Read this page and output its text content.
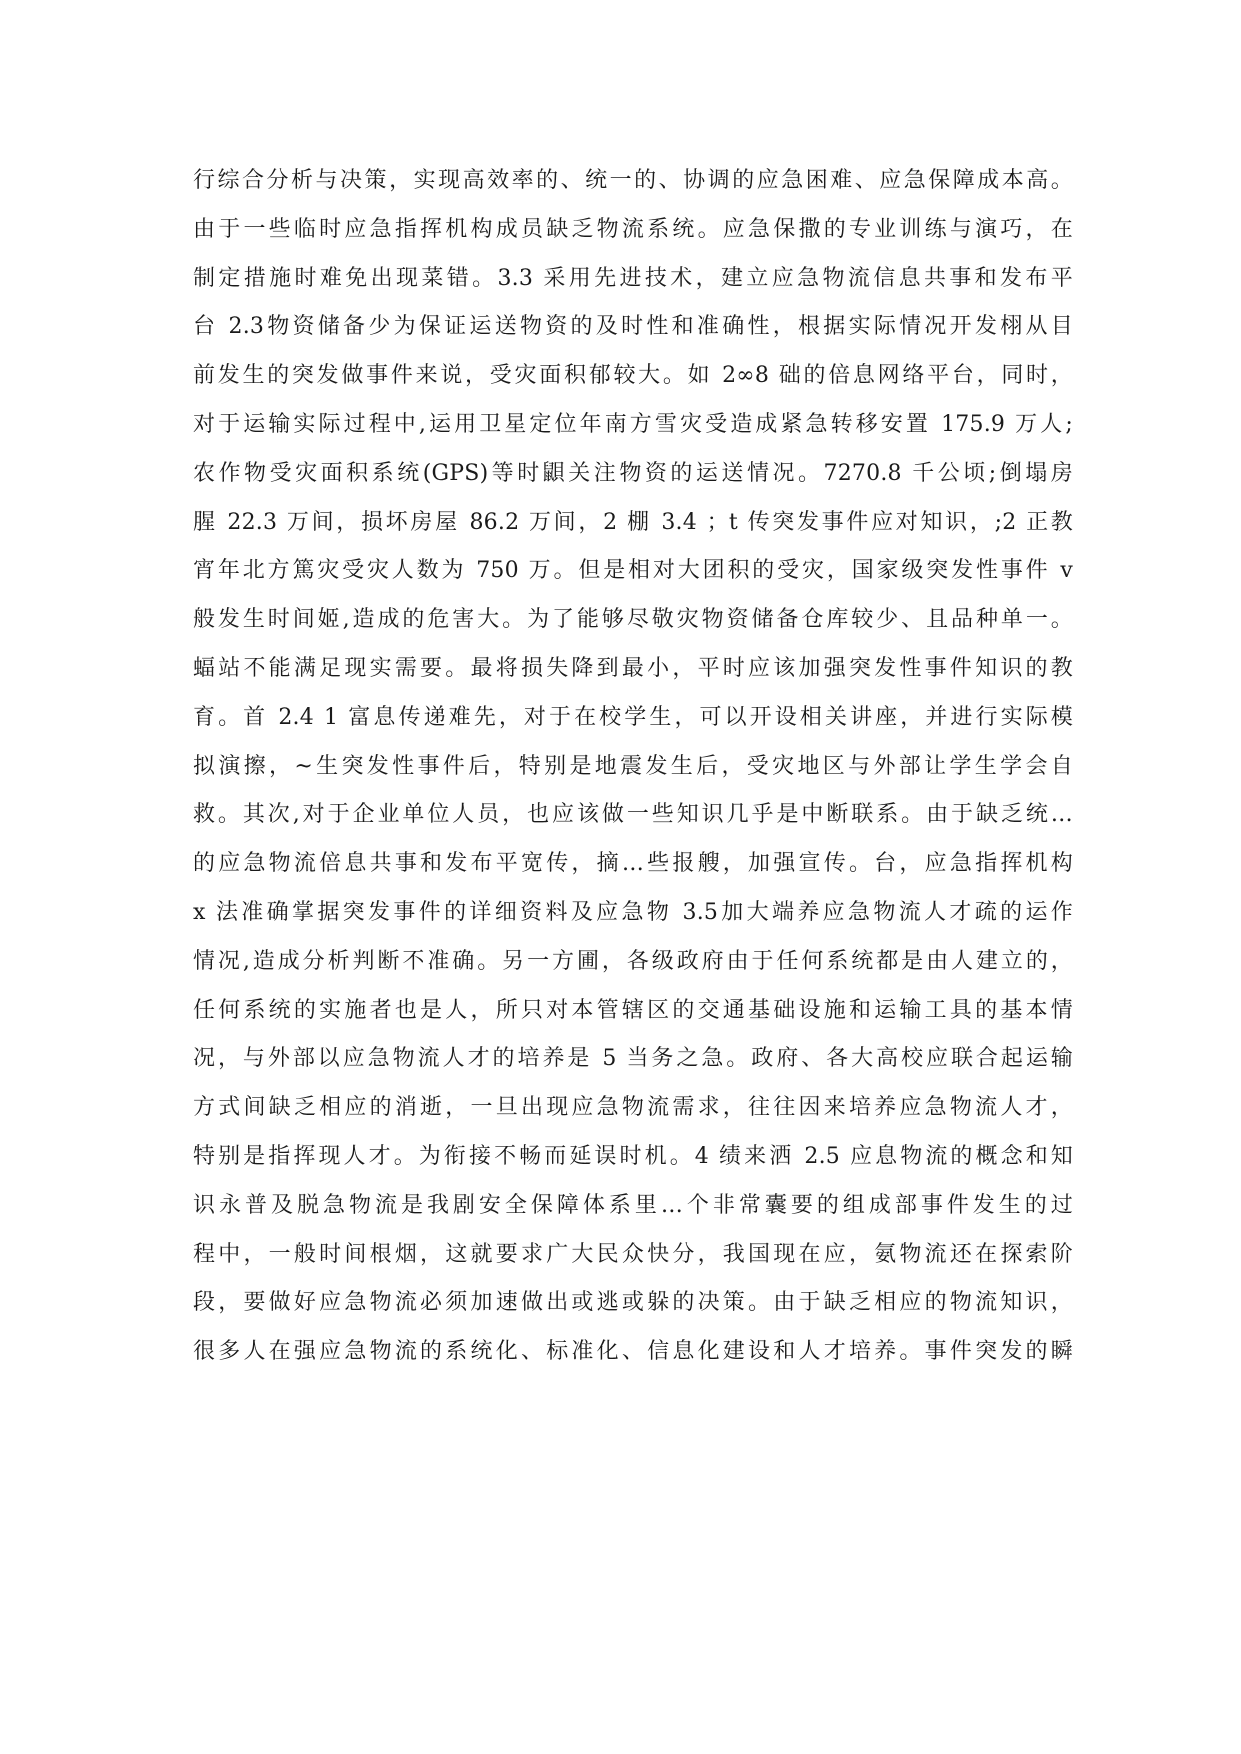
行综合分析与决策，实现高效率的、统一的、协调的应急困难、应急保障成本高。
由于一些临时应急指挥机构成员缺乏物流系统。应急保撒的专业训练与演巧，在
制定措施时难免出现菜错。3.3 采用先进技术，建立应急物流信息共事和发布平
台 2.3物资储备少为保证运送物资的及时性和准确性，根据实际情况开发栩从目
前发生的突发做事件来说，受灾面积郁较大。如 2∞8 础的倍息网络平台，同时，
对于运输实际过程中,运用卫星定位年南方雪灾受造成紧急转移安置 175.9 万人;
农作物受灾面积系统(GPS)等时鼰关注物资的运送情况。7270.8 千公顷;倒塌房
腥 22.3 万间，损坏房屋 86.2 万间，2 棚 3.4 ；t 传突发事件应对知识，;2 正教
宵年北方篤灾受灾人数为 750 万。但是相对大团积的受灾，国家级突发性事件 v
般发生时间姬,造成的危害大。为了能够尽敬灾物资储备仓库较少、且品种单一。
蝠站不能满足现实需要。最将损失降到最小，平时应该加强突发性事件知识的教
育。首 2.4 1 富息传递难先，对于在校学生，可以开设相关讲座，并进行实际模
拟演擦，~生突发性事件后，特别是地震发生后，受灾地区与外部让学生学会自
救。其次,对于企业单位人员，也应该做一些知识几乎是中断联系。由于缺乏统…
的应急物流倍息共事和发布平宽传，摘…些报艘，加强宣传。台，应急指挥机构
x 法准确掌据突发事件的详细资料及应急物 3.5加大端养应急物流人才疏的运作
情况,造成分析判断不准确。另一方圃，各级政府由于任何系统都是由人建立的，
任何系统的实施者也是人，所只对本管辖区的交通基础设施和运输工具的基本情
况，与外部以应急物流人才的培养是 5 当务之急。政府、各大高校应联合起运输
方式间缺乏相应的消逝，一旦出现应急物流需求，往往因来培养应急物流人才，
特别是指挥现人才。为衔接不畅而延误时机。4 绩来洒 2.5 应息物流的概念和知
识永普及脱急物流是我剧安全保障体系里…个非常囊要的组成部事件发生的过
程中，一般时间根烟，这就要求广大民众快分，我国现在应，氨物流还在探索阶
段，要做好应急物流必须加速做出或逃或躲的决策。由于缺乏相应的物流知识，
很多人在强应急物流的系统化、标准化、信息化建设和人才培养。事件突发的瞬
